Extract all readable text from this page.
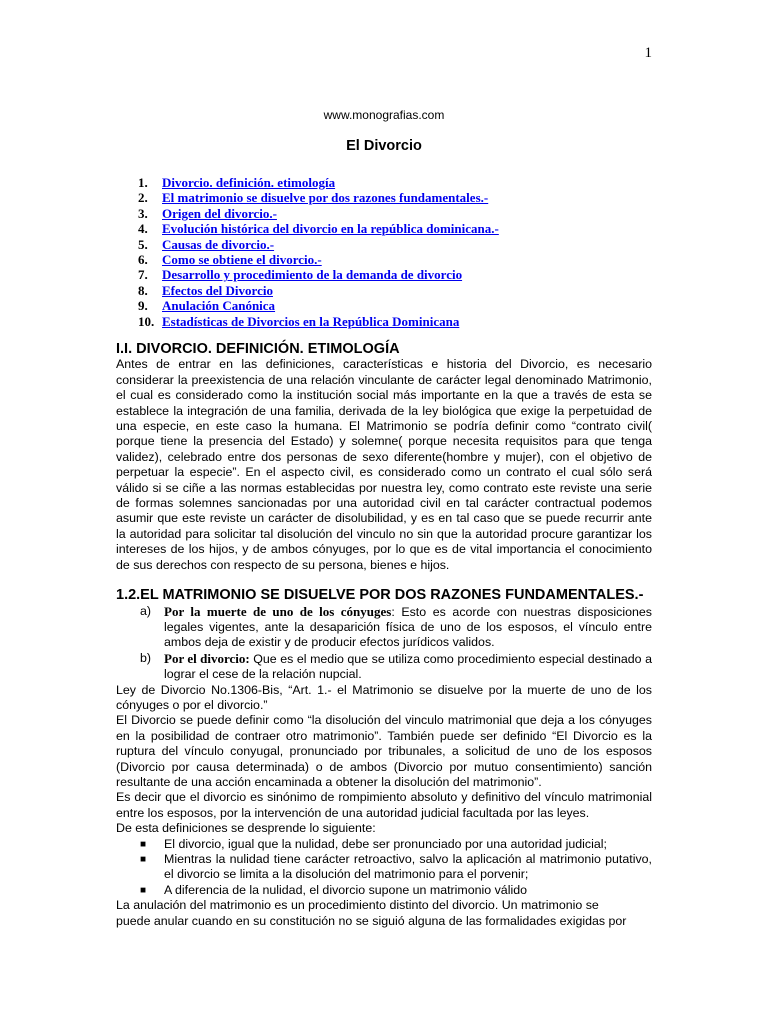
1
www.monografias.com
El Divorcio
1.	Divorcio. definición. etimología
2.	El matrimonio se disuelve por dos razones fundamentales.-
3.	Origen del divorcio.-
4.	Evolución histórica del divorcio en la república dominicana.-
5.	Causas de divorcio.-
6.	Como se obtiene el divorcio.-
7.	Desarrollo y procedimiento de la demanda de divorcio
8.	Efectos del Divorcio
9.	Anulación Canónica
10. Estadísticas de Divorcios en la República Dominicana
I.I. DIVORCIO. DEFINICIÓN. ETIMOLOGÍA

Antes de entrar en las definiciones, características e historia del Divorcio, es necesario considerar la preexistencia de una relación vinculante de carácter legal denominado Matrimonio, el cual es considerado como la institución social más importante en la que a través de esta se establece la integración de una familia, derivada de la ley biológica que exige la perpetuidad de una especie, en este caso la humana. El Matrimonio se podría definir como “contrato civil( porque tiene la presencia del Estado) y solemne( porque necesita requisitos para que tenga validez), celebrado entre dos personas de sexo diferente(hombre y mujer), con el objetivo de perpetuar la especie”. En el aspecto civil, es considerado como un contrato el cual sólo será válido si se ciñe a las normas establecidas por nuestra ley, como contrato este reviste una serie de formas solemnes sancionadas por una autoridad civil en tal carácter contractual podemos asumir que este reviste un carácter de disolubilidad, y es en tal caso que se puede recurrir ante la autoridad para solicitar tal disolución del vinculo no sin que la autoridad procure garantizar los intereses de los hijos, y de ambos cónyuges, por lo que es de vital importancia el conocimiento de sus derechos con respecto de su persona, bienes e hijos.

1.2.EL MATRIMONIO SE DISUELVE POR DOS RAZONES FUNDAMENTALES.-
a) Por la muerte de uno de los cónyuges: Esto es acorde con nuestras disposiciones legales vigentes, ante la desaparición física de uno de los esposos, el vínculo entre ambos deja de existir y de producir efectos jurídicos validos.
b) Por el divorcio: Que es el medio que se utiliza como procedimiento especial destinado a lograr el cese de la relación nupcial.

Ley de Divorcio No.1306-Bis, “Art. 1.- el Matrimonio se disuelve por la muerte de uno de los cónyuges o por el divorcio.”

El Divorcio se puede definir como “la disolución del vinculo matrimonial que deja a los cónyuges en la posibilidad de contraer otro matrimonio”. También puede ser definido “El Divorcio es la ruptura del vínculo conyugal, pronunciado por tribunales, a solicitud de uno de los esposos (Divorcio por causa determinada) o de ambos (Divorcio por mutuo consentimiento) sanción resultante de una acción encaminada a obtener la disolución del matrimonio”.

Es decir que el divorcio es sinónimo de rompimiento absoluto y definitivo del vínculo matrimonial entre los esposos, por la intervención de una autoridad judicial facultada por las leyes.

De esta definiciones se desprende lo siguiente:

■	El divorcio, igual que la nulidad, debe ser pronunciado por una autoridad judicial;
■	Mientras la nulidad tiene carácter retroactivo, salvo la aplicación al matrimonio putativo, el divorcio se limita a la disolución del matrimonio para el porvenir;
■	A diferencia de la nulidad, el divorcio supone un matrimonio válido

La anulación del matrimonio es un procedimiento distinto del divorcio. Un matrimonio se

puede anular cuando en su constitución no se siguió alguna de las formalidades exigidas por
